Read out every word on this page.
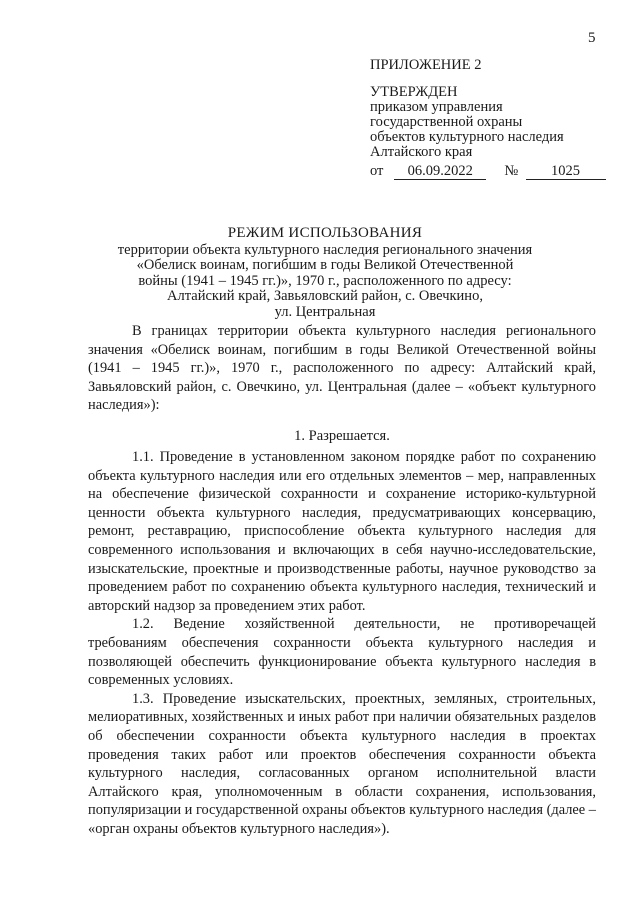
5
ПРИЛОЖЕНИЕ 2
УТВЕРЖДЕН
приказом управления
государственной охраны
объектов культурного наследия
Алтайского края
от 06.09.2022 № 1025
РЕЖИМ ИСПОЛЬЗОВАНИЯ
территории объекта культурного наследия регионального значения
«Обелиск воинам, погибшим в годы Великой Отечественной
войны (1941 – 1945 гг.)», 1970 г., расположенного по адресу:
Алтайский край, Завьяловский район, с. Овечкино,
ул. Центральная

В границах территории объекта культурного наследия регионального значения «Обелиск воинам, погибшим в годы Великой Отечественной войны (1941 – 1945 гг.)», 1970 г., расположенного по адресу: Алтайский край, Завьяловский район, с. Овечкино, ул. Центральная (далее – «объект культурного наследия»):

1. Разрешается.

1.1. Проведение в установленном законом порядке работ по сохранению объекта культурного наследия или его отдельных элементов – мер, направленных на обеспечение физической сохранности и сохранение историко-культурной ценности объекта культурного наследия, предусматривающих консервацию, ремонт, реставрацию, приспособление объекта культурного наследия для современного использования и включающих в себя научно-исследовательские, изыскательские, проектные и производственные работы, научное руководство за проведением работ по сохранению объекта культурного наследия, технический и авторский надзор за проведением этих работ.

1.2. Ведение хозяйственной деятельности, не противоречащей требованиям обеспечения сохранности объекта культурного наследия и позволяющей обеспечить функционирование объекта культурного наследия в современных условиях.

1.3. Проведение изыскательских, проектных, земляных, строительных, мелиоративных, хозяйственных и иных работ при наличии обязательных разделов об обеспечении сохранности объекта культурного наследия в проектах проведения таких работ или проектов обеспечения сохранности объекта культурного наследия, согласованных органом исполнительной власти Алтайского края, уполномоченным в области сохранения, использования, популяризации и государственной охраны объектов культурного наследия (далее – «орган охраны объектов культурного наследия»).
